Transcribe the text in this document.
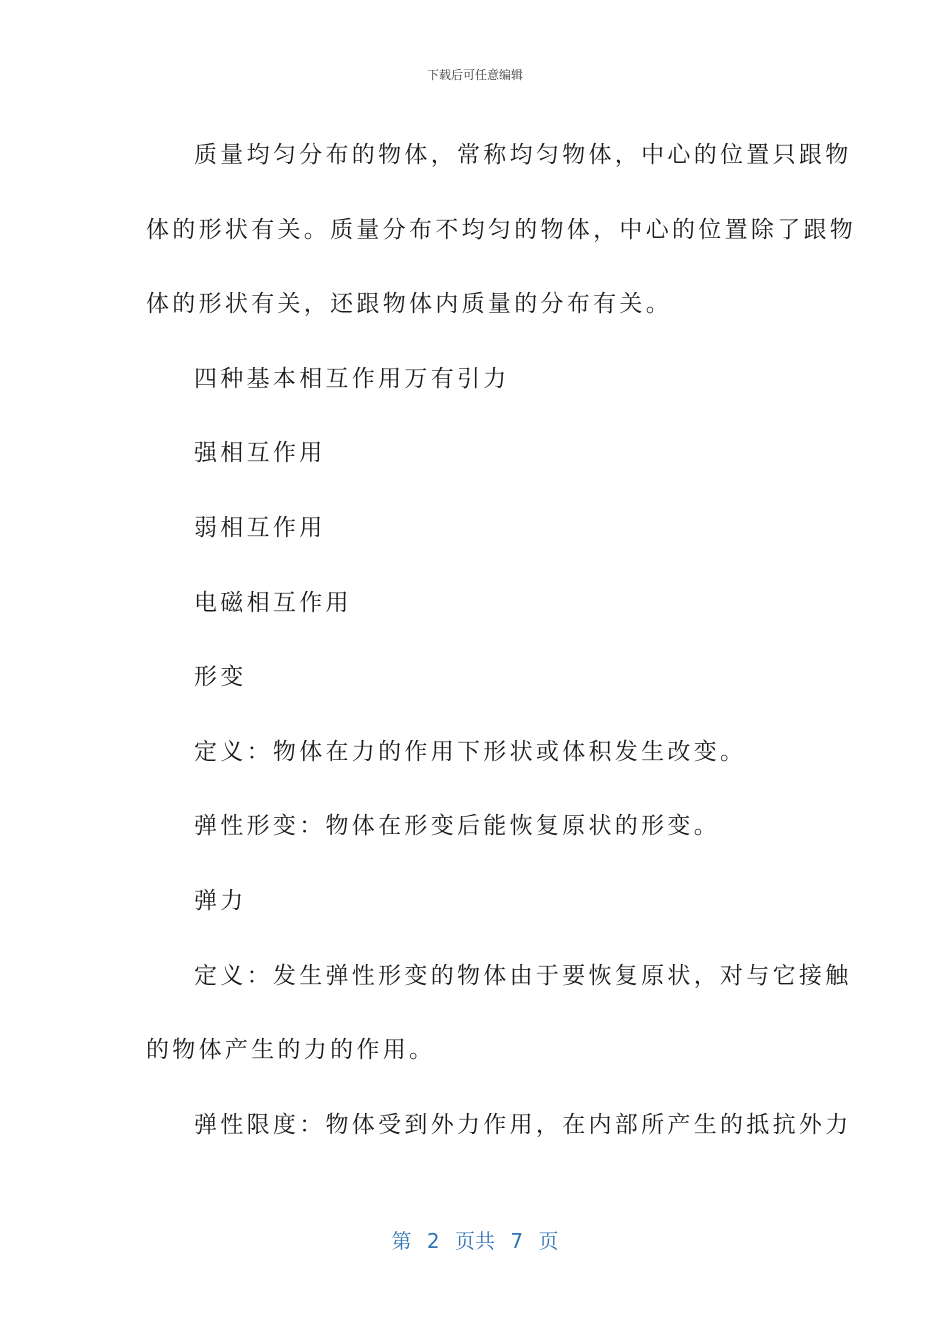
下载后可任意编辑

质量均匀分布的物体，常称均匀物体，中心的位置只跟物
体的形状有关。质量分布不均匀的物体，中心的位置除了跟物
体的形状有关，还跟物体内质量的分布有关。

四种基本相互作用万有引力

强相互作用

弱相互作用

电磁相互作用

形变

定义：物体在力的作用下形状或体积发生改变。

弹性形变：物体在形变后能恢复原状的形变。

弹力

定义：发生弹性形变的物体由于要恢复原状，对与它接触
的物体产生的力的作用。

弹性限度：物体受到外力作用，在内部所产生的抵抗外力

第 2 页共 7 页
